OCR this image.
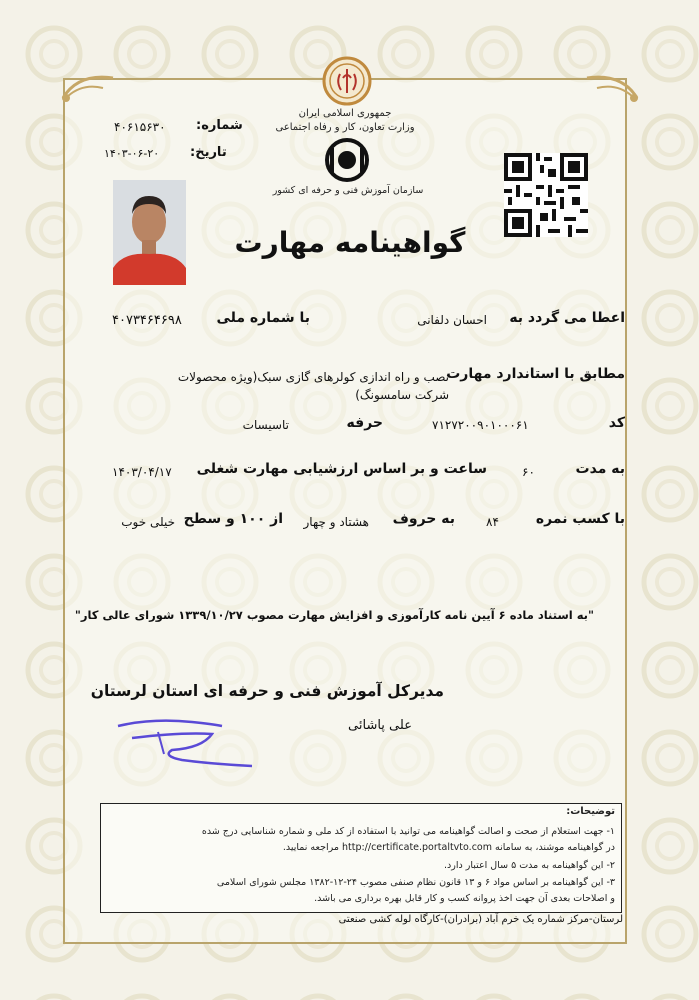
جمهوری اسلامی ایران
وزارت تعاون، کار و رفاه اجتماعی
سازمان آموزش فنی و حرفه ای کشور
شماره:
۴۰۶۱۵۶۳۰
تاریخ:
۱۴۰۳-۰۶-۲۰
گواهینامه مهارت
اعطا می گردد به
احسان دلفانی
با شماره ملی
۴۰۷۳۴۶۴۶۹۸
مطابق با استاندارد مهارت
نصب و راه اندازی کولرهای گازی سبک(ویژه محصولات
شرکت سامسونگ)
کد
۷۱۲۷۲۰۰۹۰۱۰۰۰۶۱
حرفه
تاسیسات
به مدت
۶۰
ساعت و بر اساس ارزشیابی مهارت شغلی
۱۴۰۳/۰۴/۱۷
با کسب نمره
۸۴
به حروف
هشتاد و چهار
از ۱۰۰ و سطح
خیلی خوب
"به استناد ماده ۶ آیین نامه کارآموزی و افزایش مهارت مصوب ۱۳۳۹/۱۰/۲۷ شورای عالی کار"
مدیرکل آموزش فنی و حرفه ای استان لرستان
علی پاشائی
توضیحات:
۱- جهت استعلام از صحت و اصالت گواهینامه می توانید با استفاده از کد ملی و شماره شناسایی درج شده
در گواهینامه موشند، به سامانه http://certificate.portaltvto.com مراجعه نمایید.
۲- این گواهینامه به مدت ۵ سال اعتبار دارد.
۳- این گواهینامه بر اساس مواد ۶ و ۱۳ قانون نظام صنفی مصوب ۲۴-۱۲-۱۳۸۲ مجلس شورای اسلامی
و اصلاحات بعدی آن جهت اخذ پروانه کسب و کار قابل بهره برداری می باشد.
لرستان-مرکز شماره یک خرم آباد (برادران)-کارگاه لوله کشی صنعتی
